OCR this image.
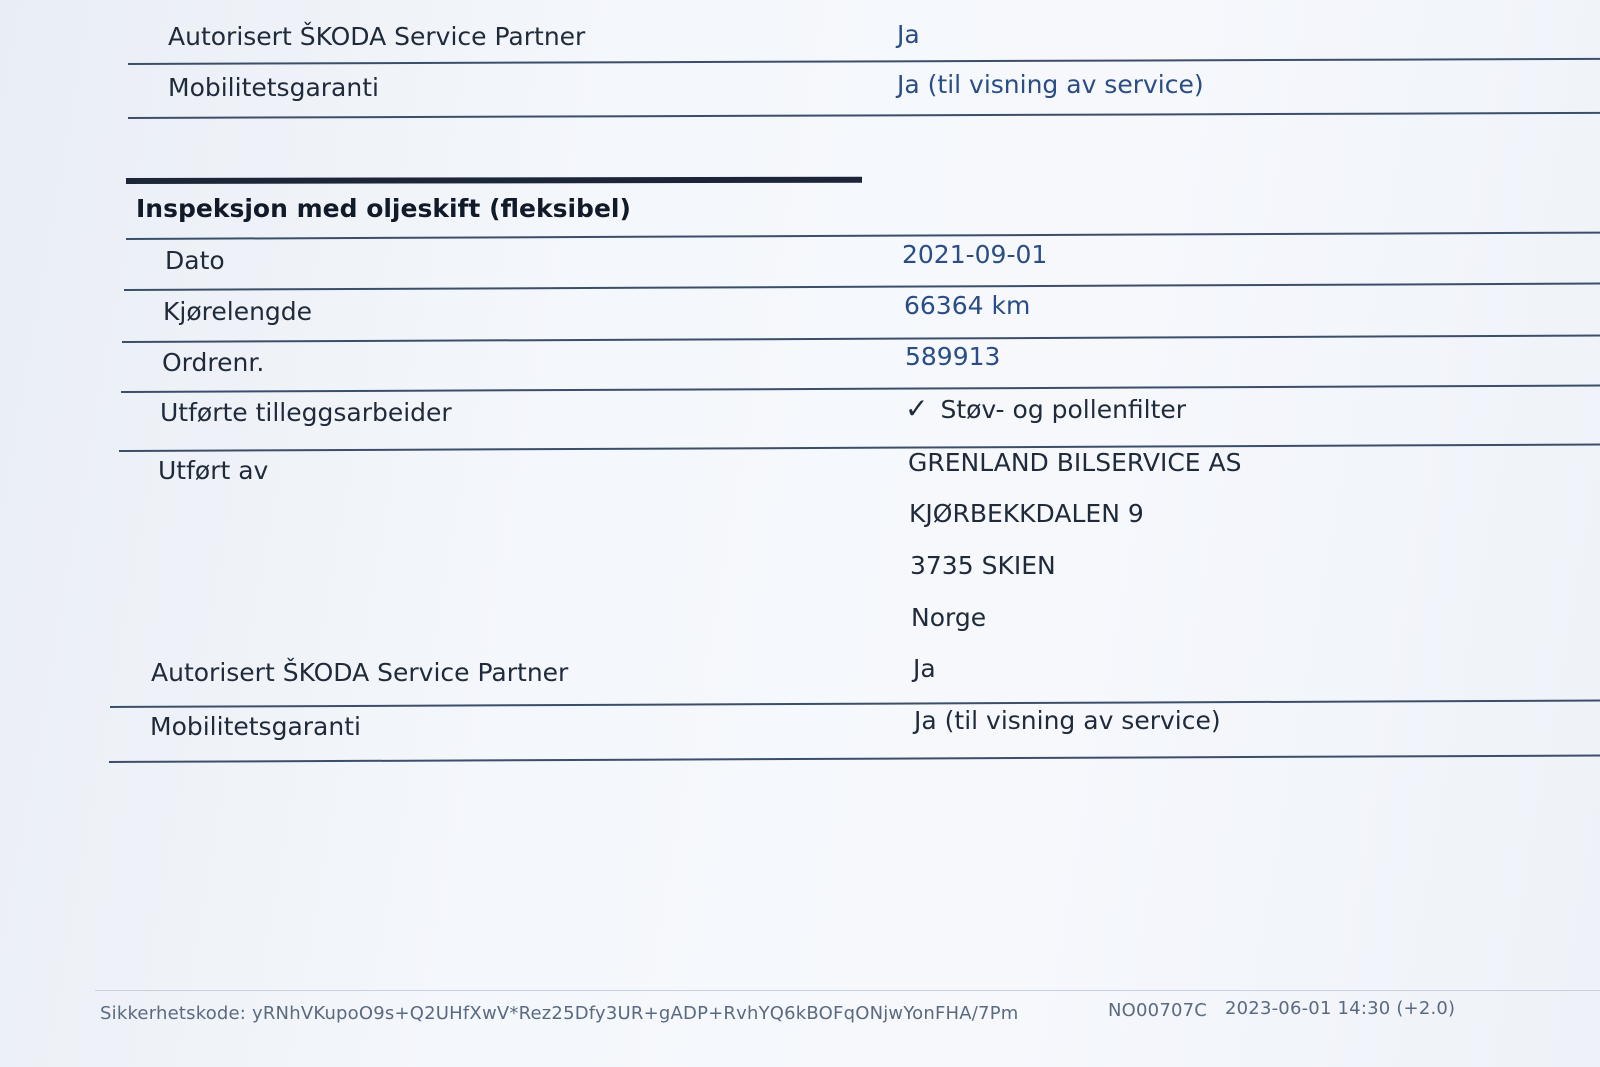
Autorisert ŠKODA Service Partner	Ja
Mobilitetsgaranti	Ja (til visning av service)
Inspeksjon med oljeskift (fleksibel)
Dato	2021-09-01
Kjørelengde	66364 km
Ordrenr.	589913
Utførte tilleggsarbeider	✓ Støv- og pollenfilter
Utført av	GRENLAND BILSERVICE AS
KJØRBEKKDALEN 9
3735 SKIEN
Norge
Autorisert ŠKODA Service Partner	Ja
Mobilitetsgaranti	Ja (til visning av service)
Sikkerhetskode: yRNhVKupoO9s+Q2UHfXwV*Rez25Dfy3UR+gADP+RvhYQ6kBOFqONjwYonFHA/7Pm	NO00707C 2023-06-01 14:30 (+2.0)
